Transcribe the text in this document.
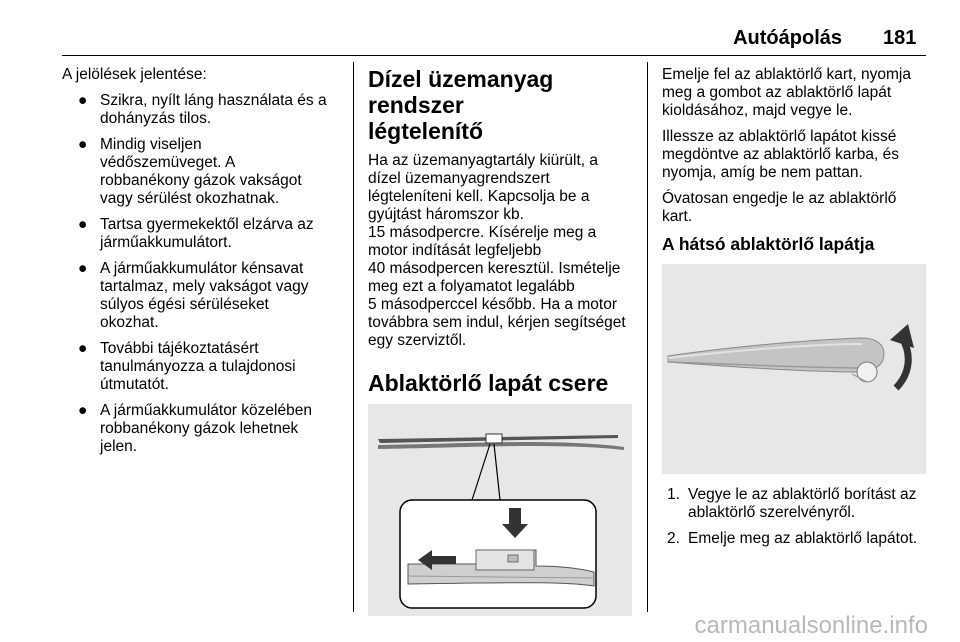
Autóápolás 181

A jelölések jelentése:

● Szikra, nyílt láng használata és a dohányzás tilos.
● Mindig viseljen
védőszemüveget. A
robbanékony gázok vakságot
vagy sérülést okozhatnak.
● Tartsa gyermekektől elzárva az járműakkumulátort.
● A járműakkumulátor kénsavat
tartalmaz, mely vakságot vagy
súlyos égési sérüléseket
okozhat.
● További tájékoztatásért
tanulmányozza a tulajdonosi
útmutatót.
● A járműakkumulátor közelében
robbanékony gázok lehetnek
jelen.
Dízel üzemanyag rendszer
légtelenítő

Ha az üzemanyagtartály kiürült, a
dízel üzemanyagrendszert
légteleníteni kell. Kapcsolja be a
gyújtást háromszor kb.
15 másodpercre. Kísérelje meg a
motor indítását legfeljebb
40 másodpercen keresztül. Ismételje
meg ezt a folyamatot legalább
5 másodperccel később. Ha a motor
továbbra sem indul, kérjen segítséget
egy szerviztől.

Ablaktörlő lapát csere

Emelje fel az ablaktörlő kart, nyomja
meg a gombot az ablaktörlő lapát
kioldásához, majd vegye le.

Illessze az ablaktörlő lapátot kissé
megdöntve az ablaktörlő karba, és
nyomja, amíg be nem pattan.

Óvatosan engedje le az ablaktörlő
kart.

A hátsó ablaktörlő lapátja
1. Vegye le az ablaktörlő borítást az
ablaktörlő szerelvényről.
2. Emelje meg az ablaktörlő lapátot.
carmanualsonline.info
